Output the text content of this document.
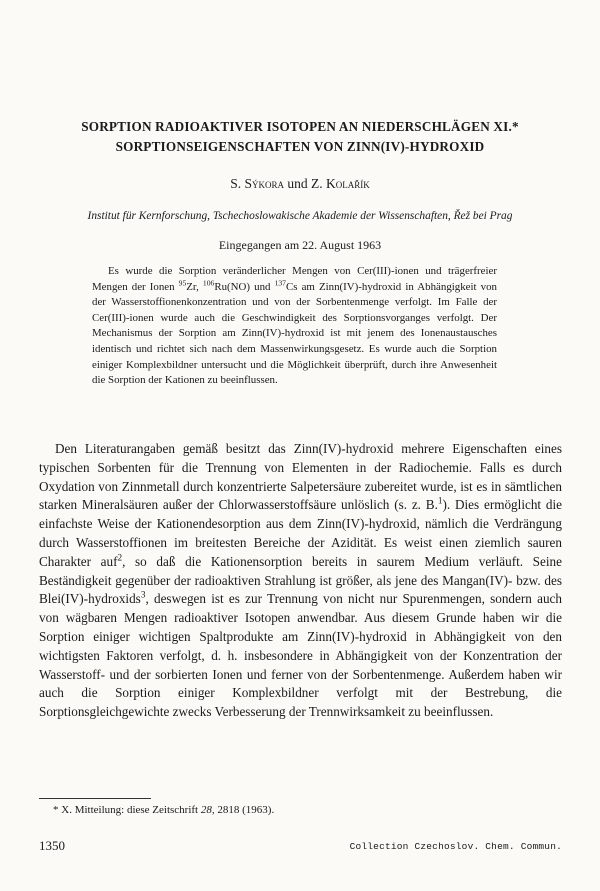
SORPTION RADIOAKTIVER ISOTOPEN AN NIEDERSCHLÄGEN XI.*
SORPTIONSEIGENSCHAFTEN VON ZINN(IV)-HYDROXID
S. Sýkora und Z. Kolařík
Institut für Kernforschung, Tschechoslowakische Akademie der Wissenschaften, Řež bei Prag
Eingegangen am 22. August 1963

Es wurde die Sorption veränderlicher Mengen von Cer(III)-ionen und trägerfreier Mengen der Ionen $^{95}$Zr, $^{106}$Ru(NO) und $^{137}$Cs am Zinn(IV)-hydroxid in Abhängigkeit von der Wasserstoffionenkonzentration und von der Sorbentenmenge verfolgt. Im Falle der Cer(III)-ionen wurde auch die Geschwindigkeit des Sorptionsvorganges verfolgt. Der Mechanismus der Sorption am Zinn(IV)-hydroxid ist mit jenem des Ionenaustausches identisch und richtet sich nach dem Massenwirkungsgesetz. Es wurde auch die Sorption einiger Komplexbildner untersucht und die Möglichkeit überprüft, durch ihre Anwesenheit die Sorption der Kationen zu beeinflussen.

Den Literaturangaben gemäß besitzt das Zinn(IV)-hydroxid mehrere Eigenschaften eines typischen Sorbenten für die Trennung von Elementen in der Radiochemie. Falls es durch Oxydation von Zinnmetall durch konzentrierte Salpetersäure zubereitet wurde, ist es in sämtlichen starken Mineralsäuren außer der Chlorwasserstoffsäure unlöslich (s. z. B.$^1$). Dies ermöglicht die einfachste Weise der Kationendesorption aus dem Zinn(IV)-hydroxid, nämlich die Verdrängung durch Wasserstoffionen im breitesten Bereiche der Azidität. Es weist einen ziemlich sauren Charakter auf$^2$, so daß die Kationensorption bereits in saurem Medium verläuft. Seine Beständigkeit gegenüber der radioaktiven Strahlung ist größer, als jene des Mangan(IV)- bzw. des Blei(IV)-hydroxids$^3$, deswegen ist es zur Trennung von nicht nur Spurenmengen, sondern auch von wägbaren Mengen radioaktiver Isotopen anwendbar. Aus diesem Grunde haben wir die Sorption einiger wichtigen Spaltprodukte am Zinn(IV)-hydroxid in Abhängigkeit von den wichtigsten Faktoren verfolgt, d. h. insbesondere in Abhängigkeit von der Konzentration der Wasserstoff- und der sorbierten Ionen und ferner von der Sorbentenmenge. Außerdem haben wir auch die Sorption einiger Komplexbildner verfolgt mit der Bestrebung, die Sorptionsgleichgewichte zwecks Verbesserung der Trennwirksamkeit zu beeinflussen.

* X. Mitteilung: diese Zeitschrift 28, 2818 (1963).
1350	Collection Czechoslov. Chem. Commun.
